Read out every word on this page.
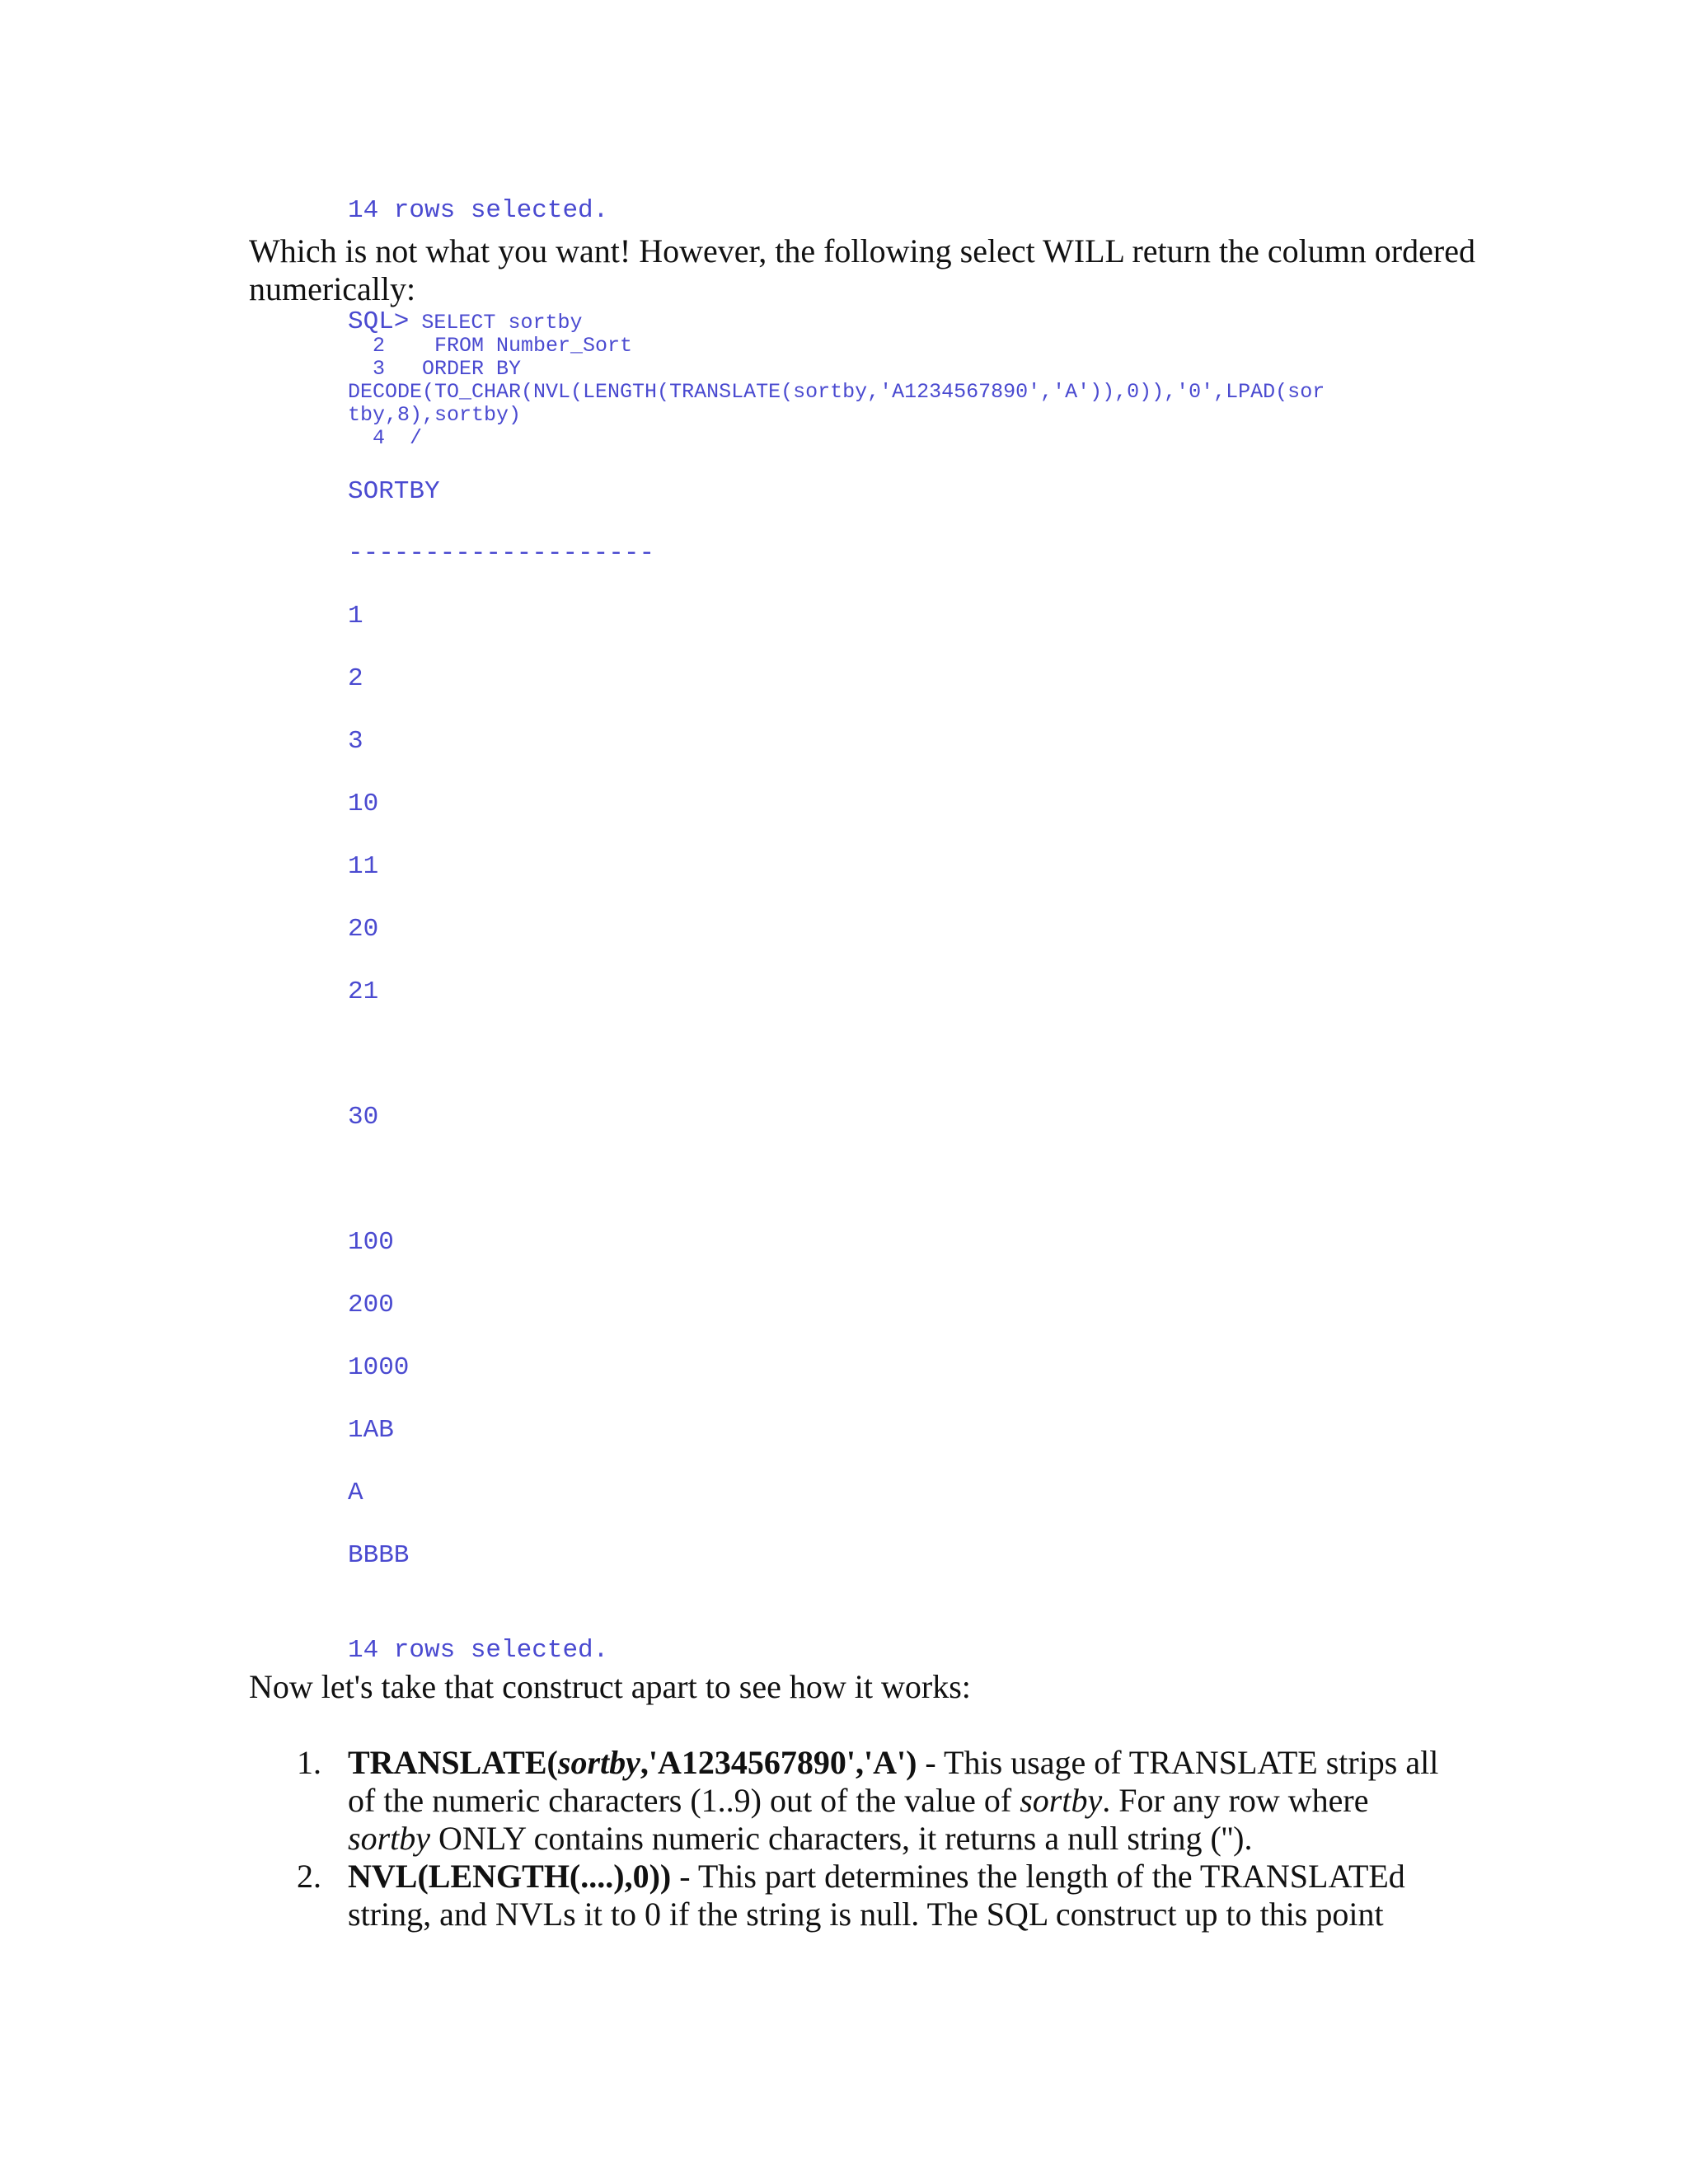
14 rows selected.
Which is not what you want! However, the following select WILL return the column ordered numerically:
SQL> SELECT sortby
2    FROM Number_Sort
3   ORDER BY
DECODE(TO_CHAR(NVL(LENGTH(TRANSLATE(sortby,'A1234567890','A')),0)),'0',LPAD(sor
tby,8),sortby)
4  /
SORTBY
--------------------
1
2
3
10
11
20
21
30
100
200
1000
1AB
A
BBBB
14 rows selected.
Now let's take that construct apart to see how it works:
1. TRANSLATE(sortby,'A1234567890','A') - This usage of TRANSLATE strips all of the numeric characters (1..9) out of the value of sortby. For any row where sortby ONLY contains numeric characters, it returns a null string ('').
2. NVL(LENGTH(....),0)) - This part determines the length of the TRANSLATEd string, and NVLs it to 0 if the string is null. The SQL construct up to this point
